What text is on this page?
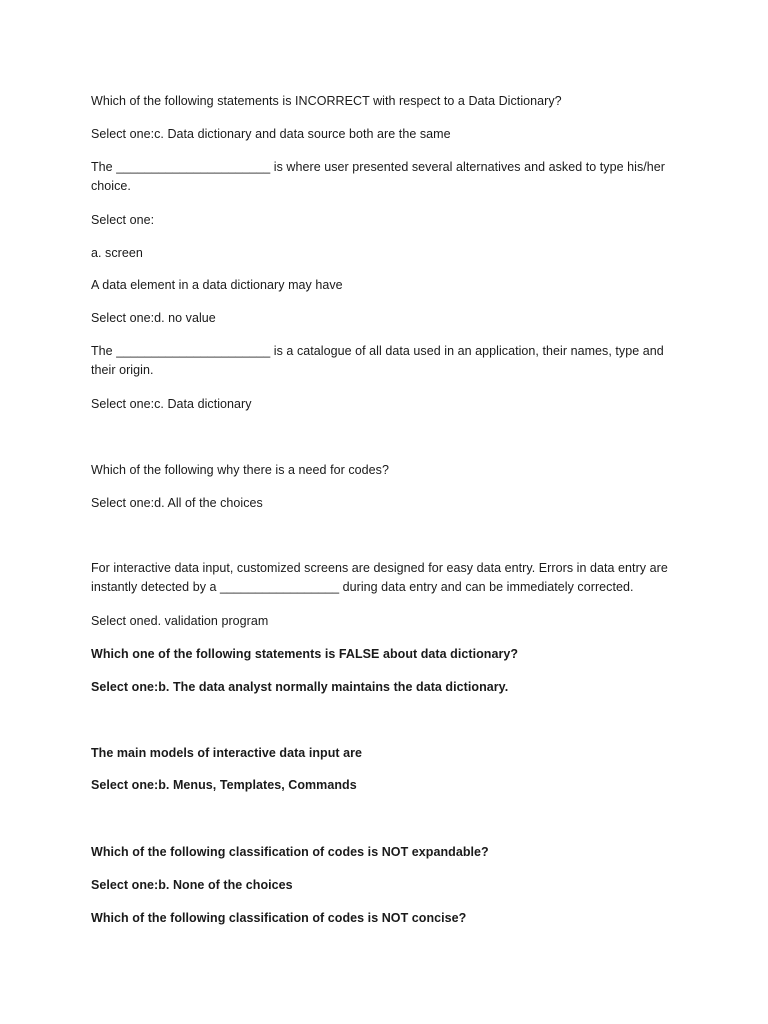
Which of the following statements is INCORRECT with respect to a Data Dictionary?
Select one:c. Data dictionary and data source both are the same
The ______________________ is where user presented several alternatives and asked to type his/her choice.
Select one:
a. screen
A data element in a data dictionary may have
Select one:d. no value
The ______________________ is a catalogue of all data used in an application, their names, type and their origin.
Select one:c. Data dictionary
Which of the following why there is a need for codes?
Select one:d. All of the choices
For interactive data input, customized screens are designed for easy data entry. Errors in data entry are instantly detected by a _________________ during data entry and can be immediately corrected.
Select oned. validation program
Which one of the following statements is FALSE about data dictionary?
Select one:b. The data analyst normally maintains the data dictionary.
The main models of interactive data input are
Select one:b. Menus, Templates, Commands
Which of the following classification of codes is NOT expandable?
Select one:b. None of the choices
Which of the following classification of codes is NOT concise?
